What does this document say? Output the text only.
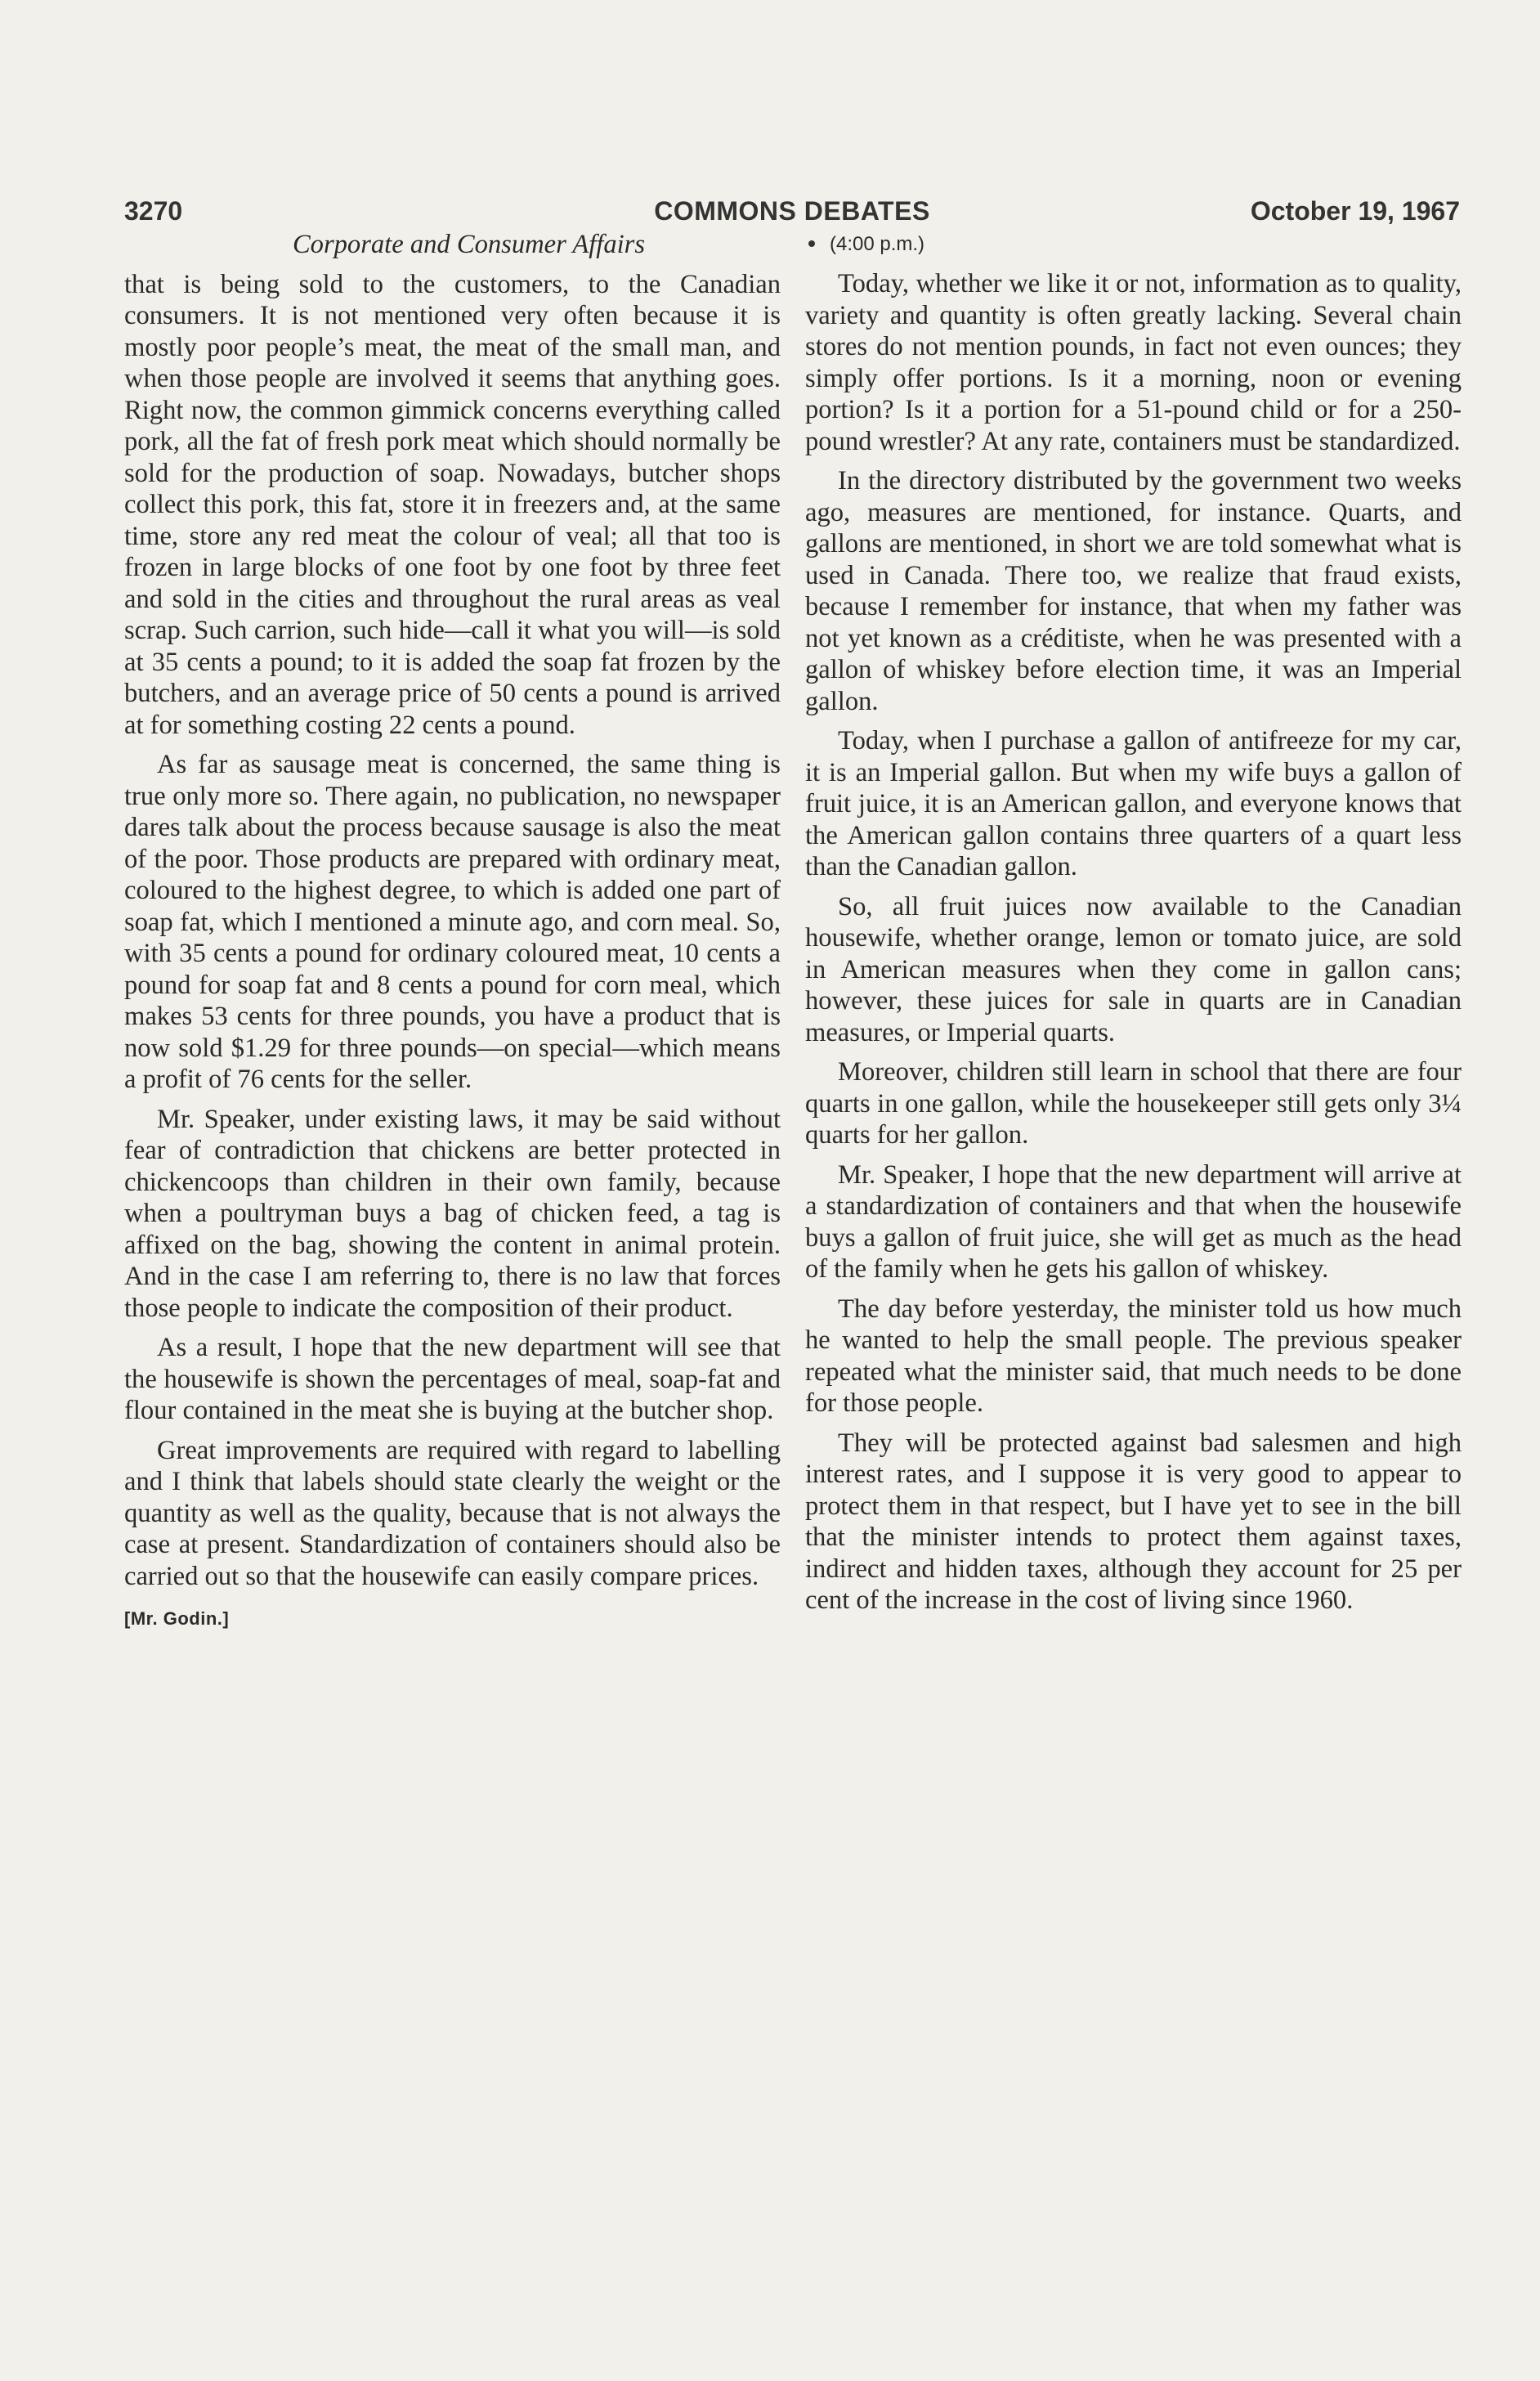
3270	COMMONS DEBATES	October 19, 1967

Corporate and Consumer Affairs

that is being sold to the customers, to the Canadian consumers. It is not mentioned very often because it is mostly poor people’s meat, the meat of the small man, and when those people are involved it seems that anything goes. Right now, the common gimmick concerns everything called pork, all the fat of fresh pork meat which should normally be sold for the production of soap. Nowadays, butcher shops collect this pork, this fat, store it in freezers and, at the same time, store any red meat the colour of veal; all that too is frozen in large blocks of one foot by one foot by three feet and sold in the cities and throughout the rural areas as veal scrap. Such carrion, such hide—call it what you will—is sold at 35 cents a pound; to it is added the soap fat frozen by the butchers, and an average price of 50 cents a pound is arrived at for something costing 22 cents a pound.

As far as sausage meat is concerned, the same thing is true only more so. There again, no publication, no newspaper dares talk about the process because sausage is also the meat of the poor. Those products are prepared with ordinary meat, coloured to the highest degree, to which is added one part of soap fat, which I mentioned a minute ago, and corn meal. So, with 35 cents a pound for ordinary coloured meat, 10 cents a pound for soap fat and 8 cents a pound for corn meal, which makes 53 cents for three pounds, you have a product that is now sold $1.29 for three pounds—on special—which means a profit of 76 cents for the seller.

Mr. Speaker, under existing laws, it may be said without fear of contradiction that chickens are better protected in chickencoops than children in their own family, because when a poultryman buys a bag of chicken feed, a tag is affixed on the bag, showing the content in animal protein. And in the case I am referring to, there is no law that forces those people to indicate the composition of their product.

As a result, I hope that the new department will see that the housewife is shown the percentages of meal, soap-fat and flour contained in the meat she is buying at the butcher shop.

Great improvements are required with regard to labelling and I think that labels should state clearly the weight or the quantity as well as the quality, because that is not always the case at present. Standardization of containers should also be carried out so that the housewife can easily compare prices.

[Mr. Godin.]
(4:00 p.m.)

Today, whether we like it or not, information as to quality, variety and quantity is often greatly lacking. Several chain stores do not mention pounds, in fact not even ounces; they simply offer portions. Is it a morning, noon or evening portion? Is it a portion for a 51-pound child or for a 250-pound wrestler? At any rate, containers must be standardized.

In the directory distributed by the government two weeks ago, measures are mentioned, for instance. Quarts, and gallons are mentioned, in short we are told somewhat what is used in Canada. There too, we realize that fraud exists, because I remember for instance, that when my father was not yet known as a créditiste, when he was presented with a gallon of whiskey before election time, it was an Imperial gallon.

Today, when I purchase a gallon of antifreeze for my car, it is an Imperial gallon. But when my wife buys a gallon of fruit juice, it is an American gallon, and everyone knows that the American gallon contains three quarters of a quart less than the Canadian gallon.

So, all fruit juices now available to the Canadian housewife, whether orange, lemon or tomato juice, are sold in American measures when they come in gallon cans; however, these juices for sale in quarts are in Canadian measures, or Imperial quarts.

Moreover, children still learn in school that there are four quarts in one gallon, while the housekeeper still gets only 3¼ quarts for her gallon.

Mr. Speaker, I hope that the new department will arrive at a standardization of containers and that when the housewife buys a gallon of fruit juice, she will get as much as the head of the family when he gets his gallon of whiskey.

The day before yesterday, the minister told us how much he wanted to help the small people. The previous speaker repeated what the minister said, that much needs to be done for those people.

They will be protected against bad salesmen and high interest rates, and I suppose it is very good to appear to protect them in that respect, but I have yet to see in the bill that the minister intends to protect them against taxes, indirect and hidden taxes, although they account for 25 per cent of the increase in the cost of living since 1960.
